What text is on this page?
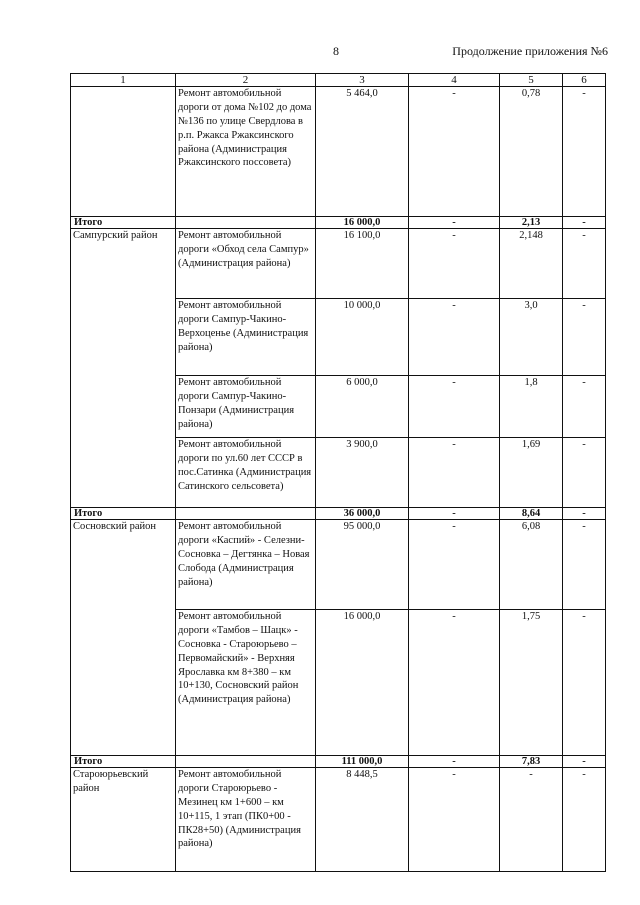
8	Продолжение приложения №6
1	2	3	4	5	6
	Ремонт автомобильной дороги от дома №102 до дома №136 по улице Свердлова в р.п. Ржакса Ржаксинского района (Администрация Ржаксинского поссовета)	5 464,0	-	0,78	-
Итого		16 000,0	-	2,13	-
Сампурский район	Ремонт автомобильной дороги «Обход села Сампур» (Администрация района)	16 100,0	-	2,148	-
	Ремонт автомобильной дороги Сампур-Чакино-Верхоценье (Администрация района)	10 000,0	-	3,0	-
	Ремонт автомобильной дороги Сампур-Чакино-Понзари (Администрация района)	6 000,0	-	1,8	-
	Ремонт автомобильной дороги по ул.60 лет СССР в пос.Сатинка (Администрация Сатинского сельсовета)	3 900,0	-	1,69	-
Итого		36 000,0	-	8,64	-
Сосновский район	Ремонт автомобильной дороги «Каспий» - Селезни- Сосновка – Дегтянка – Новая Слобода (Администрация района)	95 000,0	-	6,08	-
	Ремонт автомобильной дороги «Тамбов – Шацк» - Сосновка - Староюрьево – Первомайский» - Верхняя Ярославка км 8+380 – км 10+130, Сосновский район (Администрация района)	16 000,0	-	1,75	-
Итого		111 000,0	-	7,83	-
Староюрьевский район	Ремонт автомобильной дороги Староюрьево - Мезинец км 1+600 – км 10+115, 1 этап (ПК0+00 - ПК28+50) (Администрация района)	8 448,5	-	-	-
